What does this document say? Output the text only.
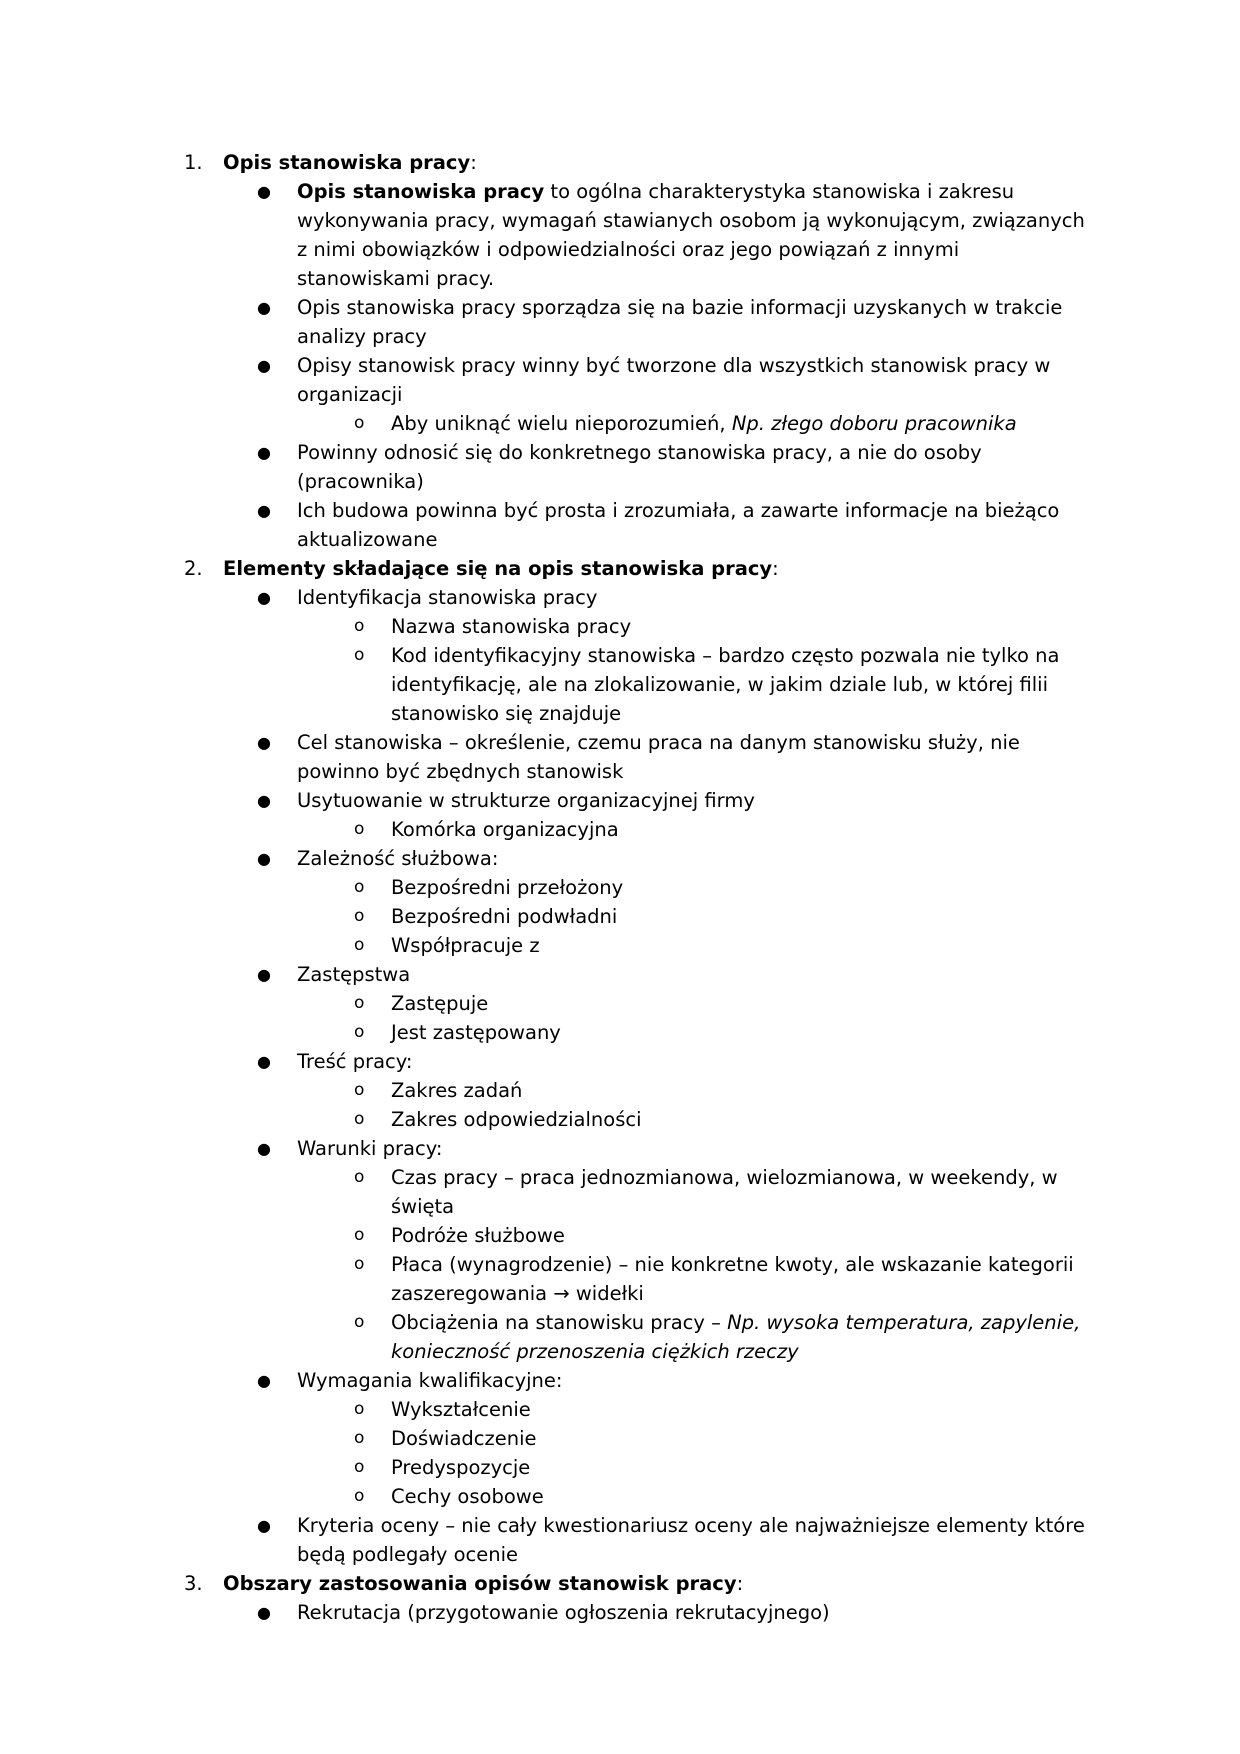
1. Opis stanowiska pracy:
● Opis stanowiska pracy to ogólna charakterystyka stanowiska i zakresu wykonywania pracy, wymagań stawianych osobom ją wykonującym, związanych z nimi obowiązków i odpowiedzialności oraz jego powiązań z innymi stanowiskami pracy.
● Opis stanowiska pracy sporządza się na bazie informacji uzyskanych w trakcie analizy pracy
● Opisy stanowisk pracy winny być tworzone dla wszystkich stanowisk pracy w organizacji
o Aby uniknąć wielu nieporozumień, Np. złego doboru pracownika
● Powinny odnosić się do konkretnego stanowiska pracy, a nie do osoby (pracownika)
● Ich budowa powinna być prosta i zrozumiała, a zawarte informacje na bieżąco aktualizowane
2. Elementy składające się na opis stanowiska pracy:
● Identyfikacja stanowiska pracy
o Nazwa stanowiska pracy
o Kod identyfikacyjny stanowiska – bardzo często pozwala nie tylko na identyfikację, ale na zlokalizowanie, w jakim dziale lub, w której filii stanowisko się znajduje
● Cel stanowiska – określenie, czemu praca na danym stanowisku służy, nie powinno być zbędnych stanowisk
● Usytuowanie w strukturze organizacyjnej firmy
o Komórka organizacyjna
● Zależność służbowa:
o Bezpośredni przełożony
o Bezpośredni podwładni
o Współpracuje z
● Zastępstwa
o Zastępuje
o Jest zastępowany
● Treść pracy:
o Zakres zadań
o Zakres odpowiedzialności
● Warunki pracy:
o Czas pracy – praca jednozmianowa, wielozmianowa, w weekendy, w święta
o Podróże służbowe
o Płaca (wynagrodzenie) – nie konkretne kwoty, ale wskazanie kategorii zaszeregowania → widełki
o Obciążenia na stanowisku pracy – Np. wysoka temperatura, zapylenie, konieczność przenoszenia ciężkich rzeczy
● Wymagania kwalifikacyjne:
o Wykształcenie
o Doświadczenie
o Predyspozycje
o Cechy osobowe
● Kryteria oceny – nie cały kwestionariusz oceny ale najważniejsze elementy które będą podlegały ocenie
3. Obszary zastosowania opisów stanowisk pracy:
● Rekrutacja (przygotowanie ogłoszenia rekrutacyjnego)
